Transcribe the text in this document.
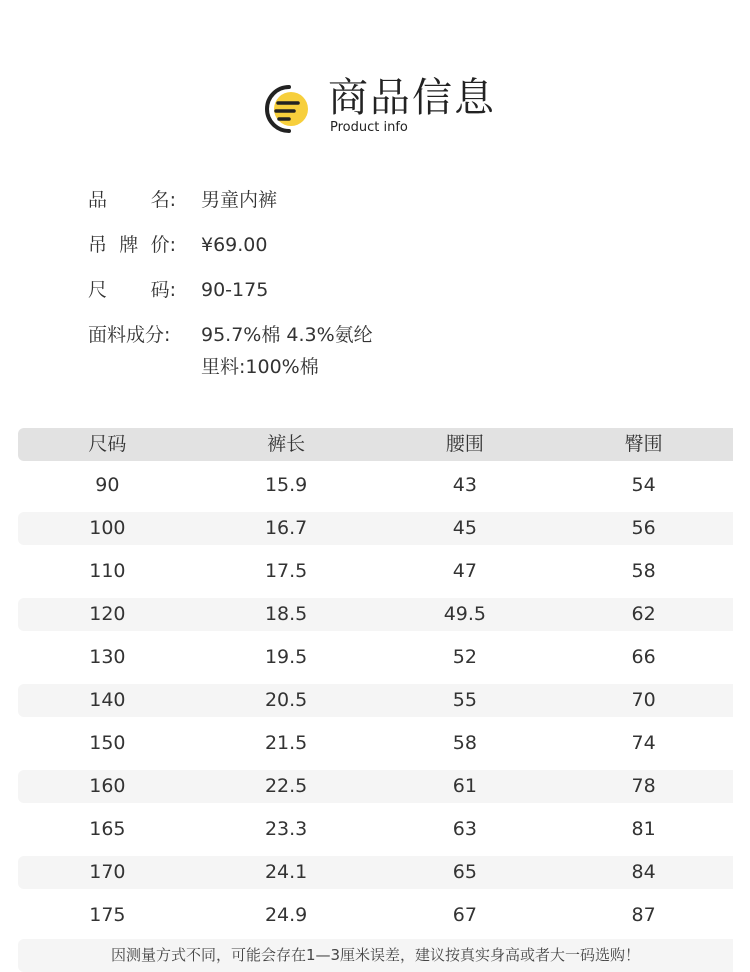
商品信息
Product info
品 名: 男童内裤
吊 牌 价: ¥69.00
尺 码: 90-175
面料成分: 95.7%棉 4.3%氨纶
里料:100%棉
尺码	裤长	腰围	臀围
90	15.9	43	54
100	16.7	45	56
110	17.5	47	58
120	18.5	49.5	62
130	19.5	52	66
140	20.5	55	70
150	21.5	58	74
160	22.5	61	78
165	23.3	63	81
170	24.1	65	84
175	24.9	67	87
因测量方式不同，可能会存在1—3厘米误差，建议按真实身高或者大一码选购！
